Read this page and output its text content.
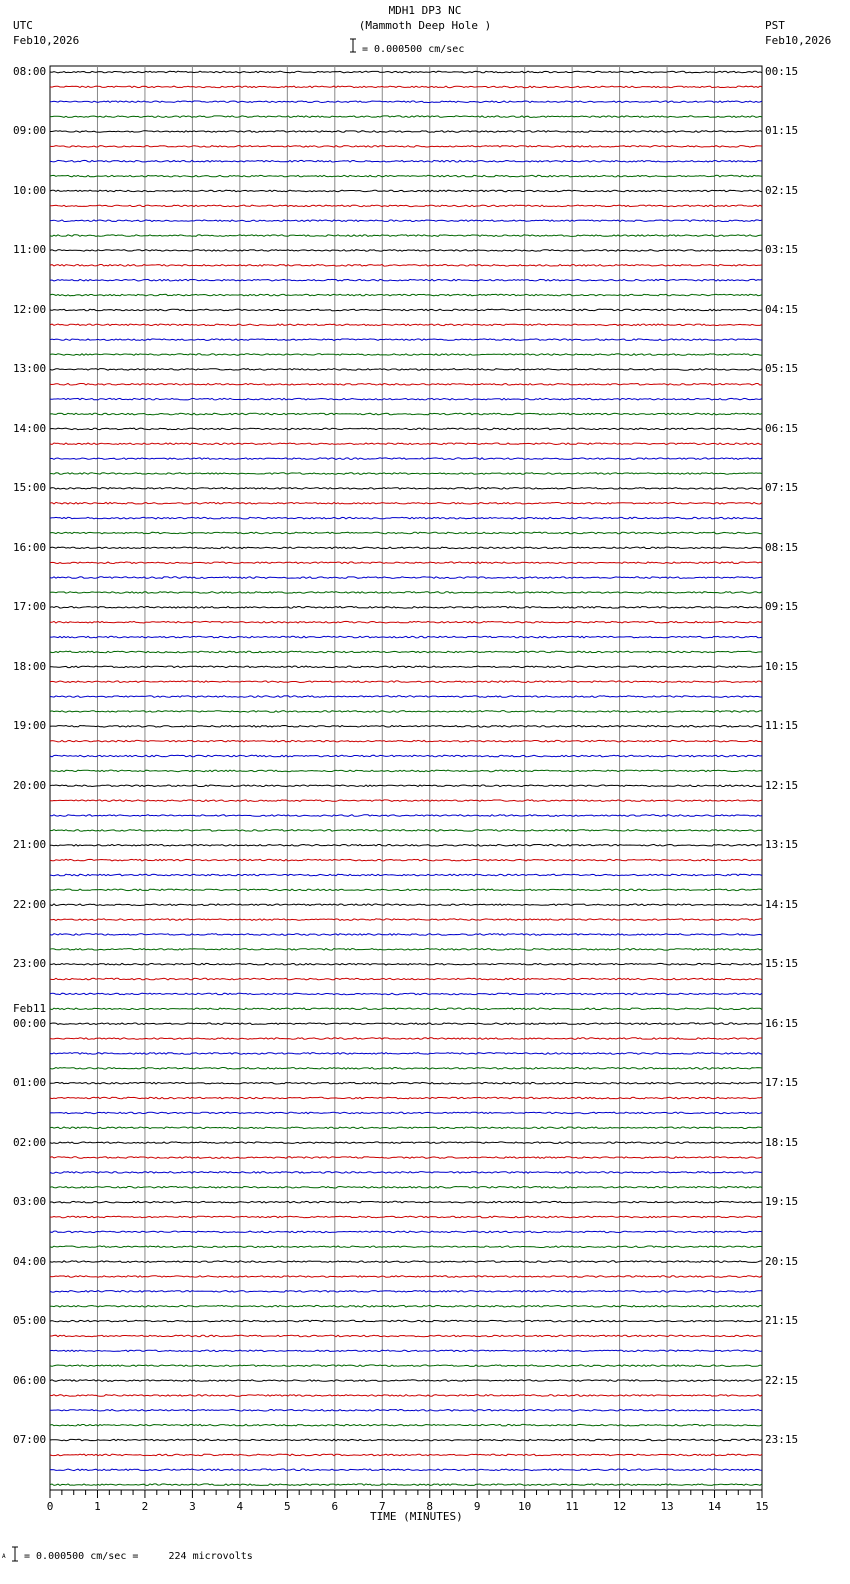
MDH1 DP3 NC
(Mammoth Deep Hole )
= 0.000500 cm/sec
UTC
Feb10,2026
PST
Feb10,2026
08:00
09:00
10:00
11:00
12:00
13:00
14:00
15:00
16:00
17:00
18:00
19:00
20:00
21:00
22:00
23:00
00:00
01:00
02:00
03:00
04:00
05:00
06:00
07:00
00:15
01:15
02:15
03:15
04:15
05:15
06:15
07:15
08:15
09:15
10:15
11:15
12:15
13:15
14:15
15:15
16:15
17:15
18:15
19:15
20:15
21:15
22:15
23:15
Feb11
0	1	2	3	4	5	6	7	8	9	10	11	12	13	14	15
TIME (MINUTES)
A = 0.000500 cm/sec =     224 microvolts
